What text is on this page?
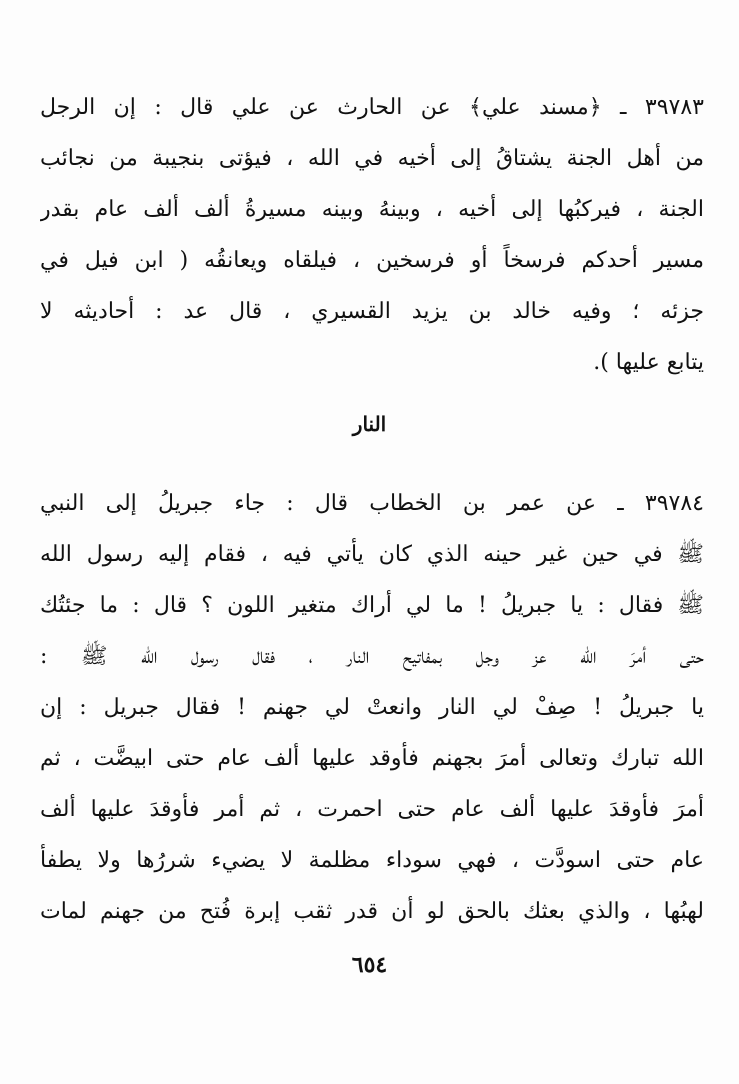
٣٩٧٨٣ ـ ﴿مسند علي﴾ عن الحارث عن علي قال : إن الرجل
من أهل الجنة يشتاقُ إلى أخيه في الله ، فيؤتى بنجيبة من نجائب
الجنة ، فيركبُها إلى أخيه ، وبينهُ وبينه مسيرةُ ألف ألف عام بقدر
مسير أحدكم فرسخاً أو فرسخين ، فيلقاه ويعانقُه ( ابن فيل في
جزئه ؛ وفيه خالد بن يزيد القسيري ، قال عد : أحاديثه لا
يتابع عليها ).
النار
٣٩٧٨٤ ـ عن عمر بن الخطاب قال : جاء جبريلُ إلى النبي
ﷺ في حين غير حينه الذي كان يأتي فيه ، فقام إليه رسول الله
ﷺ فقال : يا جبريلُ ! ما لي أراك متغير اللون ؟ قال : ما جئتُك
حتى أمرَ الله عز وجل بمفاتيح النار ، فقال رسول الله ﷺ :
يا جبريلُ ! صِفْ لي النار وانعتْ لي جهنم ! فقال جبريل : إن
الله تبارك وتعالى أمرَ بجهنم فأوقد عليها ألف عام حتى ابيضَّت ، ثم
أمرَ فأوقدَ عليها ألف عام حتى احمرت ، ثم أمر فأوقدَ عليها ألف
عام حتى اسودَّت ، فهي سوداء مظلمة لا يضيء شررُها ولا يطفأ
لهبُها ، والذي بعثك بالحق لو أن قدر ثقب إبرة فُتح من جهنم لمات
٦٥٤
